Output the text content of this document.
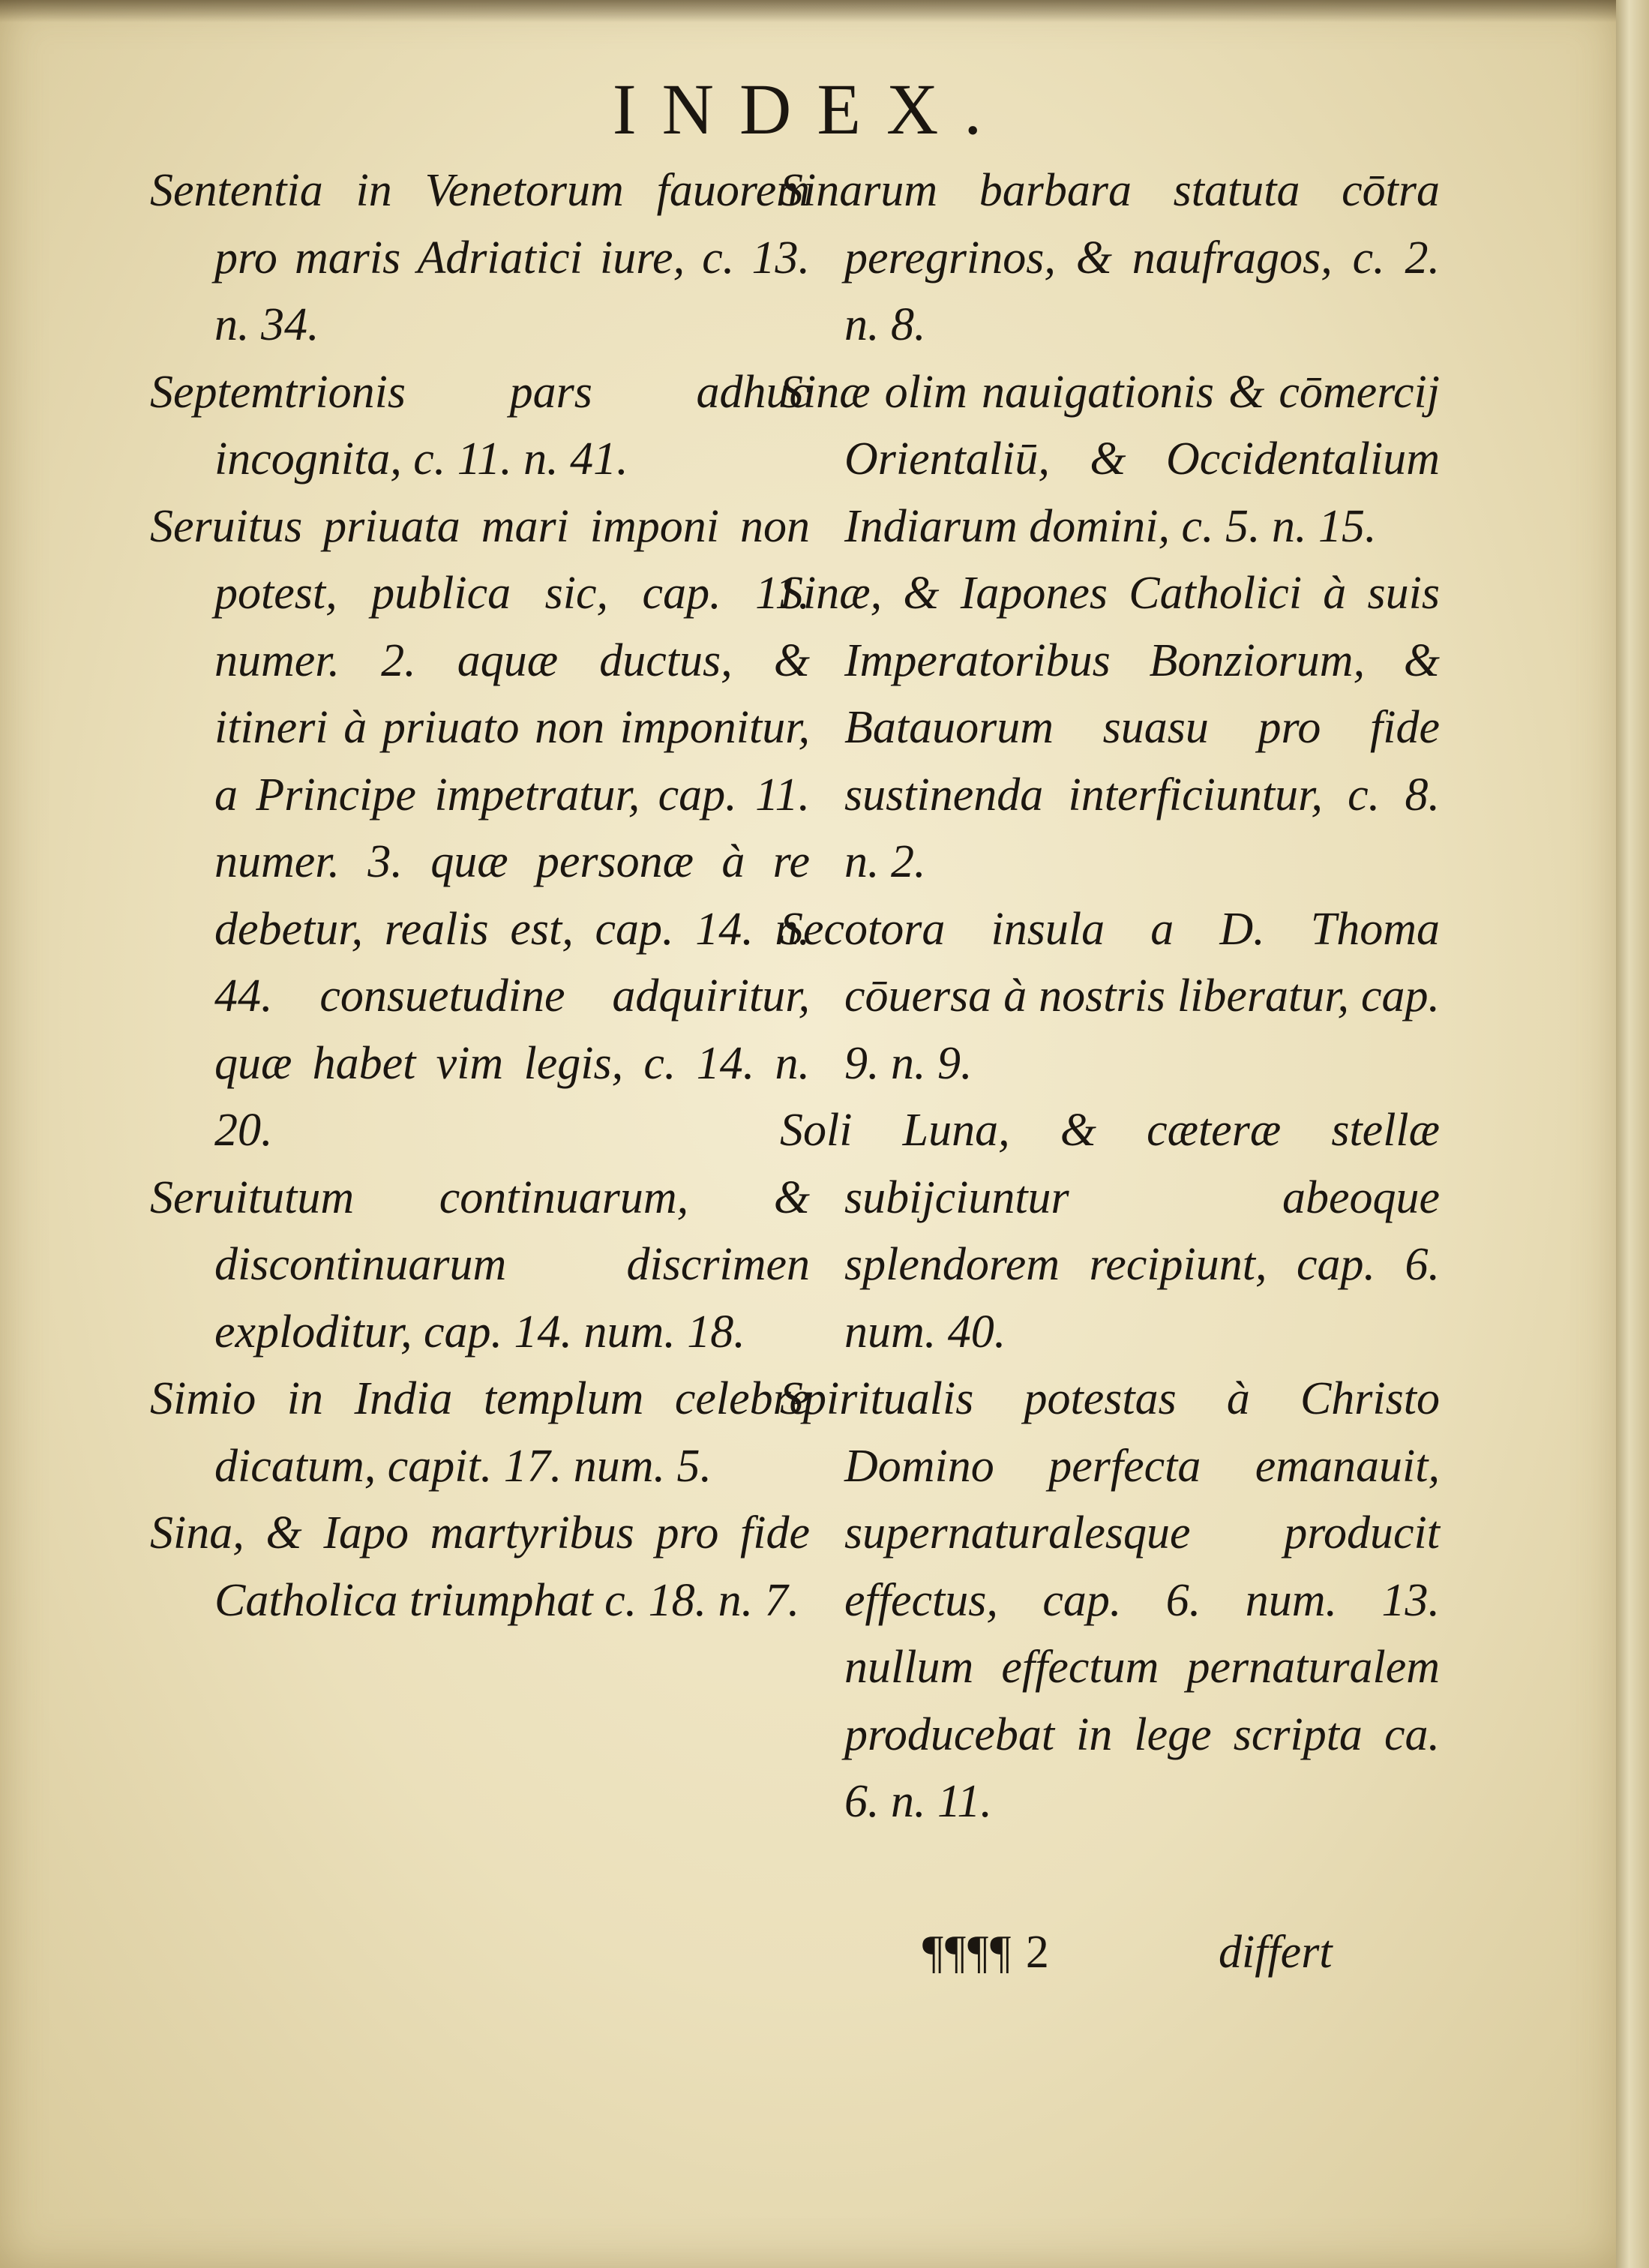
INDEX.

Sententia in Venetorum fauorem pro maris Adriatici iure, c. 13. n. 34.

Septemtrionis pars adhuc incognita, c. 11. n. 41.

Seruitus priuata mari imponi non potest, publica sic, cap. 11. numer. 2. aquæ ductus, & itineri à priuato non imponitur, a Principe impetratur, cap. 11. numer. 3. quæ personæ à re debetur, realis est, cap. 14. n. 44. consuetudine adquiritur, quæ habet vim legis, c. 14. n. 20.

Seruitutum continuarum, & discontinuarum discrimen exploditur, cap. 14. num. 18.

Simio in India templum celebre dicatum, capit. 17. num. 5.

Sina, & Iapo martyribus pro fide Catholica triumphat c. 18. n. 7.

Sinarum barbara statuta cōtra peregrinos, & naufragos, c. 2. n. 8.

Sinæ olim nauigationis & cōmercij Orientaliū, & Occidentalium Indiarum domini, c. 5. n. 15.

Sinæ, & Iapones Catholici à suis Imperatoribus Bonziorum, & Batauorum suasu pro fide sustinenda interficiuntur, c. 8. n. 2.

Secotora insula a D. Thoma cōuersa à nostris liberatur, cap. 9. n. 9.

Soli Luna, & cæteræ stellæ subijciuntur abeoque splendorem recipiunt, cap. 6. num. 40.

Spiritualis potestas à Christo Domino perfecta emanauit, supernaturalesque producit effectus, cap. 6. num. 13. nullum effectum pernaturalem producebat in lege scripta ca. 6. n. 11.

¶¶¶¶ 2	differt
